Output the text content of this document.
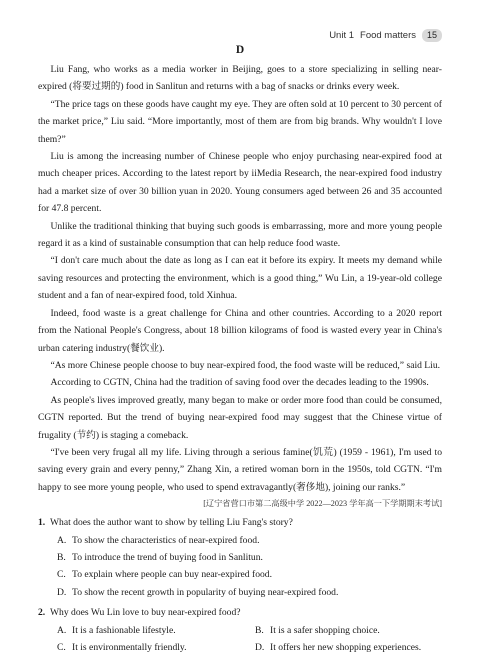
Unit 1 Food matters	15
D

Liu Fang, who works as a media worker in Beijing, goes to a store specializing in selling near-expired (将要过期的) food in Sanlitun and returns with a bag of snacks or drinks every week.

“The price tags on these goods have caught my eye. They are often sold at 10 percent to 30 percent of the market price,” Liu said. “More importantly, most of them are from big brands. Why wouldn't I love them?”

Liu is among the increasing number of Chinese people who enjoy purchasing near-expired food at much cheaper prices. According to the latest report by iiMedia Research, the near-expired food industry had a market size of over 30 billion yuan in 2020. Young consumers aged between 26 and 35 accounted for 47.8 percent.

Unlike the traditional thinking that buying such goods is embarrassing, more and more young people regard it as a kind of sustainable consumption that can help reduce food waste.

“I don't care much about the date as long as I can eat it before its expiry. It meets my demand while saving resources and protecting the environment, which is a good thing,” Wu Lin, a 19-year-old college student and a fan of near-expired food, told Xinhua.

Indeed, food waste is a great challenge for China and other countries. According to a 2020 report from the National People's Congress, about 18 billion kilograms of food is wasted every year in China's urban catering industry(餐饮业).

“As more Chinese people choose to buy near-expired food, the food waste will be reduced,” said Liu.

According to CGTN, China had the tradition of saving food over the decades leading to the 1990s.

As people's lives improved greatly, many began to make or order more food than could be consumed, CGTN reported. But the trend of buying near-expired food may suggest that the Chinese virtue of frugality (节约) is staging a comeback.

“I've been very frugal all my life. Living through a serious famine(饥荒) (1959 - 1961), I'm used to saving every grain and every penny,” Zhang Xin, a retired woman born in the 1950s, told CGTN. “I'm happy to see more young people, who used to spend extravagantly(奢侈地), joining our ranks.”

[辽宁省营口市第二高级中学 2022—2023 学年高一下学期期末考试]

1. What does the author want to show by telling Liu Fang's story?
A. To show the characteristics of near-expired food.
B. To introduce the trend of buying food in Sanlitun.
C. To explain where people can buy near-expired food.
D. To show the recent growth in popularity of buying near-expired food.
2. Why does Wu Lin love to buy near-expired food?
A. It is a fashionable lifestyle.	B. It is a safer shopping choice.
C. It is environmentally friendly.	D. It offers her new shopping experiences.
